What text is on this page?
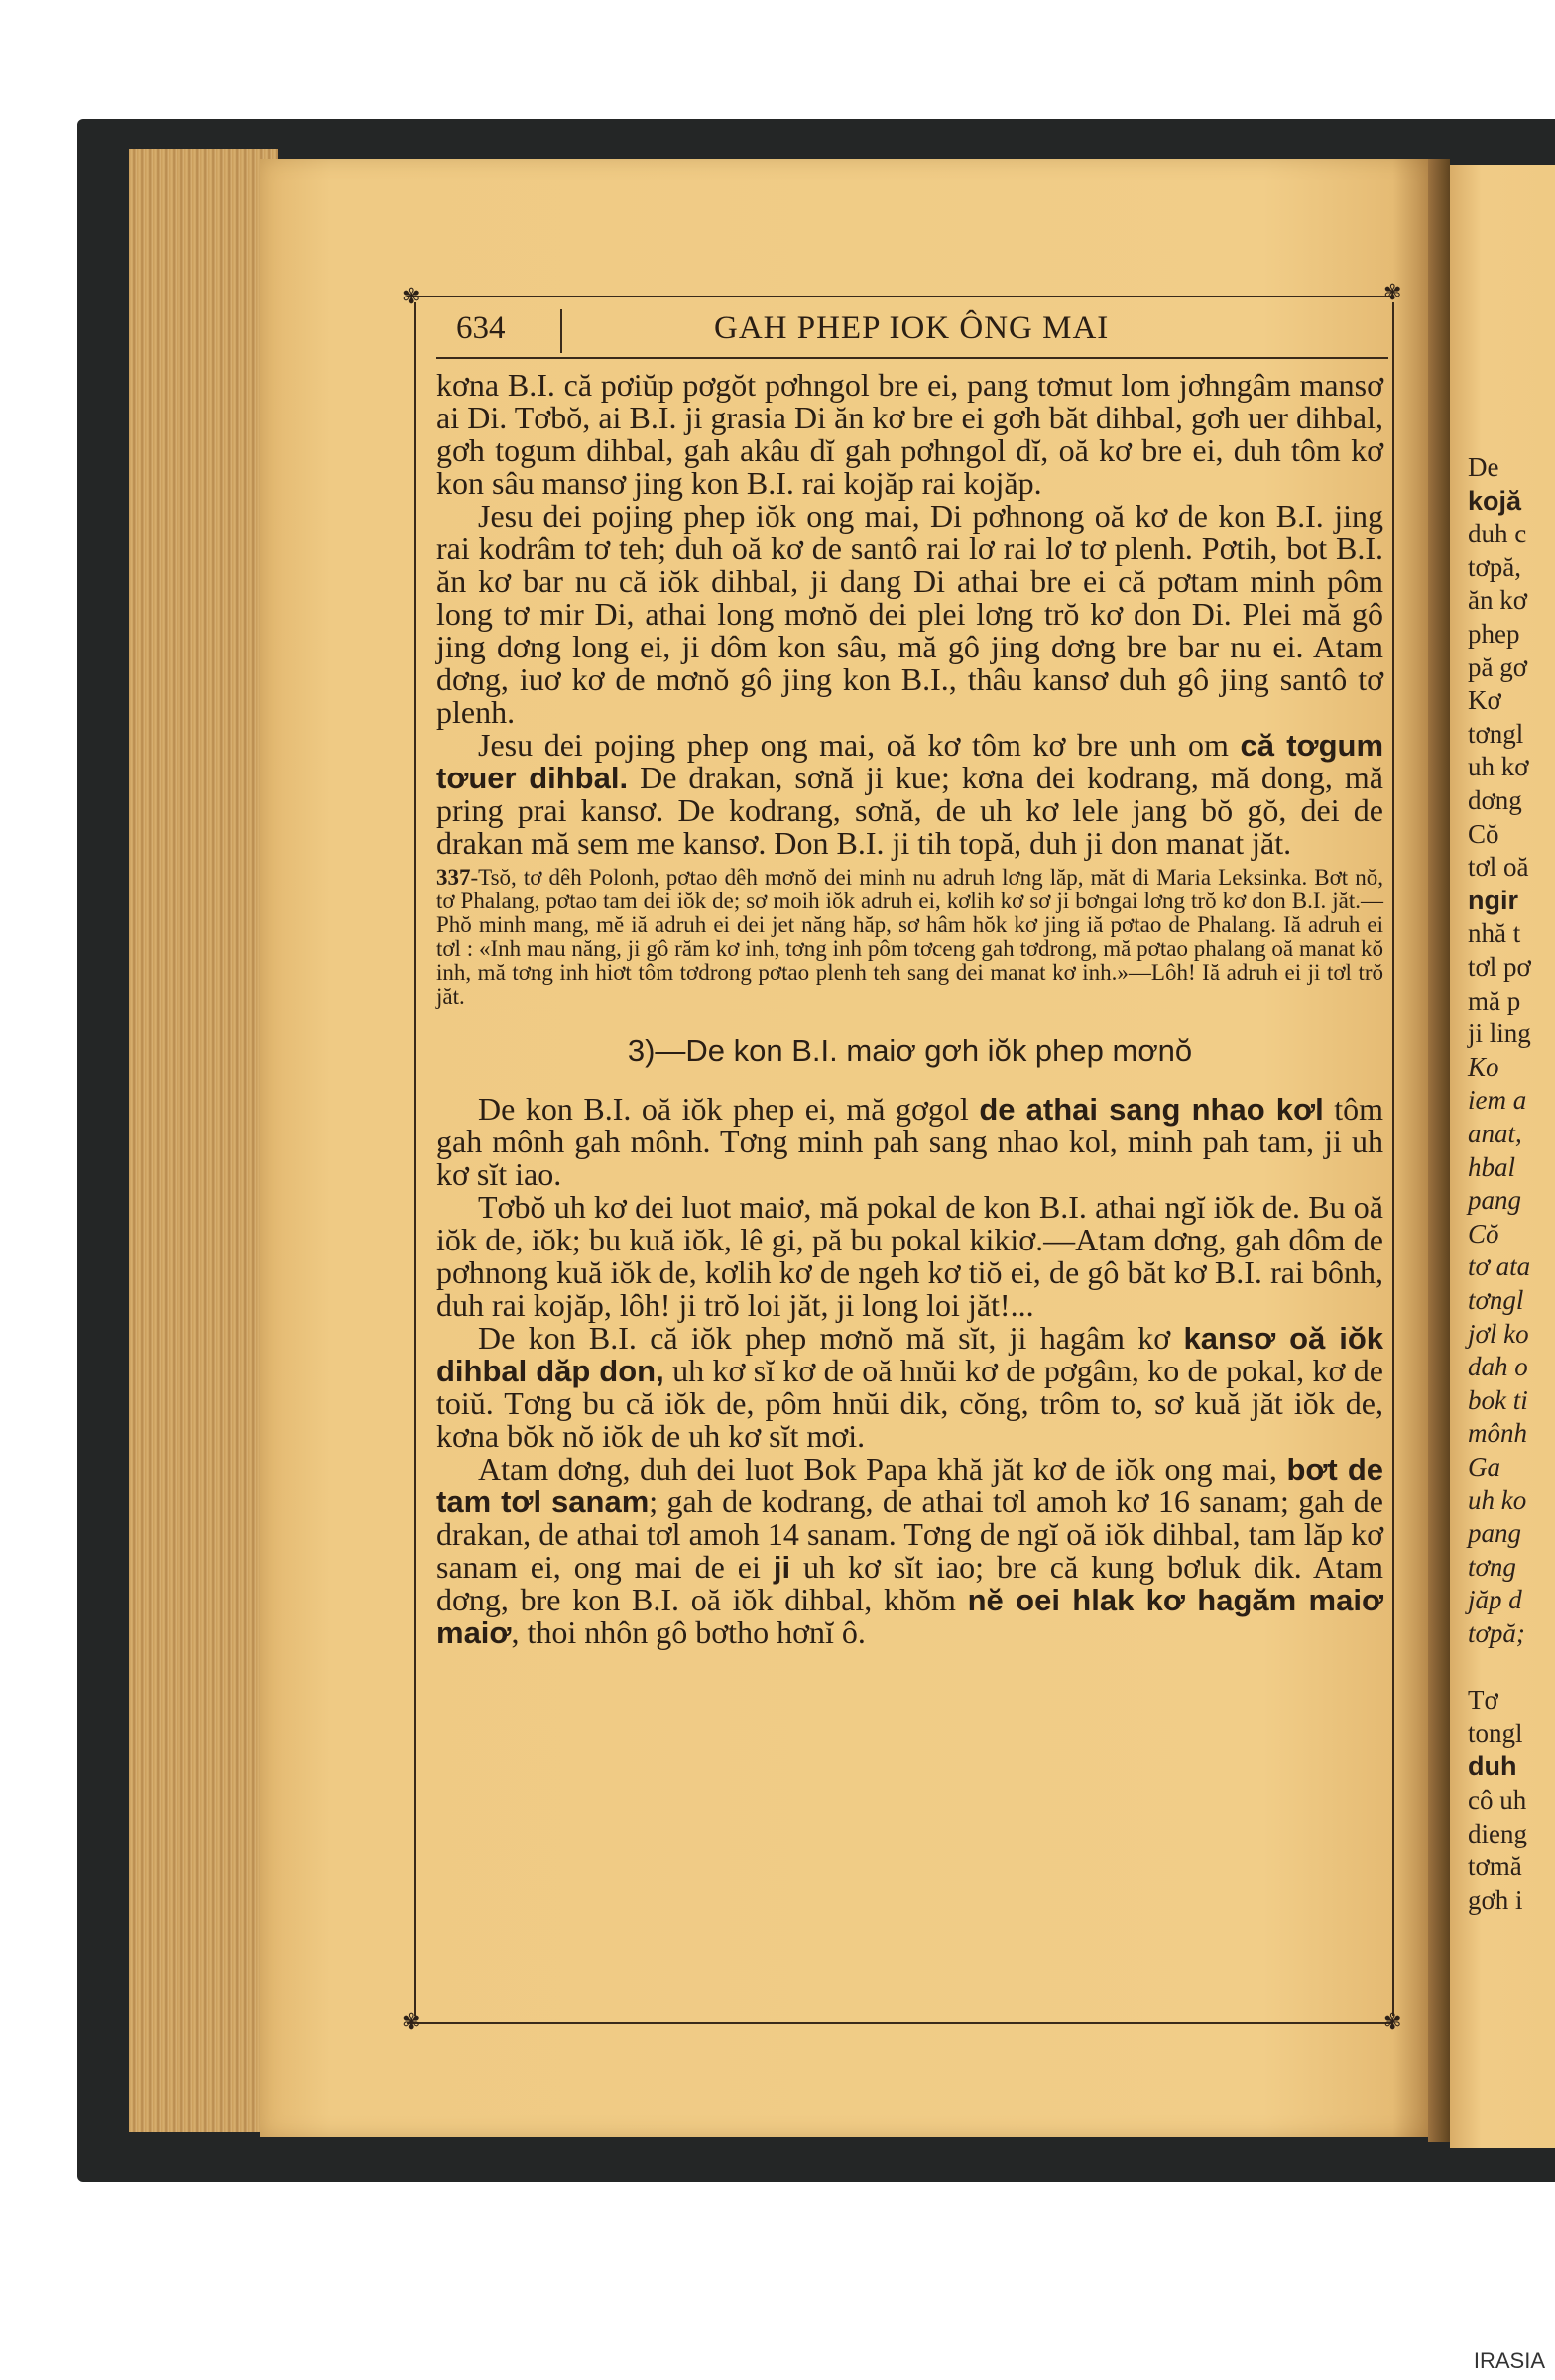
De
kojă
duh c
tơpă,
ăn kơ
phep
pă gơ
Kơ
tơngl
uh kơ
dơng
Cŏ
tơl oă
ngir
nhă t
tơl pơ
mă p
ji ling
Ko
iem a
anat,
hbal
pang
Cŏ
tơ ata
tơngl
jơl ko
dah o
bok ti
mônh
Ga
uh ko
pang
tơng
jăp d
tơpă;
Tơ
tongl
duh
cô uh
dieng
tơmă
gơh i
✾	✾
✾	✾
634	GAH PHEP IOK ÔNG MAI

kơna B.I. că pơiŭp pơgŏt pơhngol bre ei, pang tơmut lom jơhngâm mansơ ai Di. Tơbŏ, ai B.I. ji grasia Di ăn kơ bre ei gơh băt dihbal, gơh uer dihbal, gơh togum dihbal, gah akâu dĭ gah pơhngol dĭ, oă kơ bre ei, duh tôm kơ kon sâu mansơ jing kon B.I. rai kojăp rai kojăp.

Jesu dei pojing phep iŏk ong mai, Di pơhnong oă kơ de kon B.I. jing rai kodrâm tơ teh; duh oă kơ de santô rai lơ rai lơ tơ plenh. Pơtih, bot B.I. ăn kơ bar nu că iŏk dihbal, ji dang Di athai bre ei că pơtam minh pôm long tơ mir Di, athai long mơnŏ dei plei lơng trŏ kơ don Di. Plei mă gô jing dơng long ei, ji dôm kon sâu, mă gô jing dơng bre bar nu ei. Atam dơng, iuơ kơ de mơnŏ gô jing kon B.I., thâu kansơ duh gô jing santô tơ plenh.

Jesu dei pojing phep ong mai, oă kơ tôm kơ bre unh om că tơgum tơuer dihbal. De drakan, sơnă ji kue; kơna dei kodrang, mă dong, mă pring prai kansơ. De kodrang, sơnă, de uh kơ lele jang bŏ gŏ, dei de drakan mă sem me kansơ. Don B.I. ji tih topă, duh ji don manat jăt.

337-Tsŏ, tơ dêh Polonh, pơtao dêh mơnŏ dei minh nu adruh lơng lăp, măt di Maria Leksinka. Bơt nŏ, tơ Phalang, pơtao tam dei iŏk de; sơ moih iŏk adruh ei, kơlih kơ sơ ji bơngai lơng trŏ kơ don B.I. jăt.—Phŏ minh mang, mĕ iă adruh ei dei jet năng hăp, sơ hâm hŏk kơ jing iă pơtao de Phalang. Iă adruh ei tơl : «Inh mau năng, ji gô răm kơ inh, tơng inh pôm tơceng gah tơdrong, mă pơtao phalang oă manat kŏ inh, mă tơng inh hiơt tôm tơdrong pơtao plenh teh sang dei manat kơ inh.»—Lôh! Iă adruh ei ji tơl trŏ jăt.

3)—De kon B.I. maiơ gơh iŏk phep mơnŏ

De kon B.I. oă iŏk phep ei, mă gơgol de athai sang nhao kơl tôm gah mônh gah mônh. Tơng minh pah sang nhao kol, minh pah tam, ji uh kơ sĭt iao.

Tơbŏ uh kơ dei luot maiơ, mă pokal de kon B.I. athai ngĭ iŏk de. Bu oă iŏk de, iŏk; bu kuă iŏk, lê gi, pă bu pokal kikiơ.—Atam dơng, gah dôm de pơhnong kuă iŏk de, kơlih kơ de ngeh kơ tiŏ ei, de gô băt kơ B.I. rai bônh, duh rai kojăp, lôh! ji trŏ loi jăt, ji long loi jăt!...

De kon B.I. că iŏk phep mơnŏ mă sĭt, ji hagâm kơ kansơ oă iŏk dihbal dăp don, uh kơ sĭ kơ de oă hnŭi kơ de pơgâm, ko de pokal, kơ de toiŭ. Tơng bu că iŏk de, pôm hnŭi dik, cŏng, trôm to, sơ kuă jăt iŏk de, kơna bŏk nŏ iŏk de uh kơ sĭt mơi.

Atam dơng, duh dei luot Bok Papa khă jăt kơ de iŏk ong mai, bơt de tam tơl sanam; gah de kodrang, de athai tơl amoh kơ 16 sanam; gah de drakan, de athai tơl amoh 14 sanam. Tơng de ngĭ oă iŏk dihbal, tam lăp kơ sanam ei, ong mai de ei ji uh kơ sĭt iao; bre că kung bơluk dik. Atam dơng, bre kon B.I. oă iŏk dihbal, khŏm nĕ oei hlak kơ hagăm maiơ maiơ, thoi nhôn gô bơtho hơnĭ ô.

IRASIA
